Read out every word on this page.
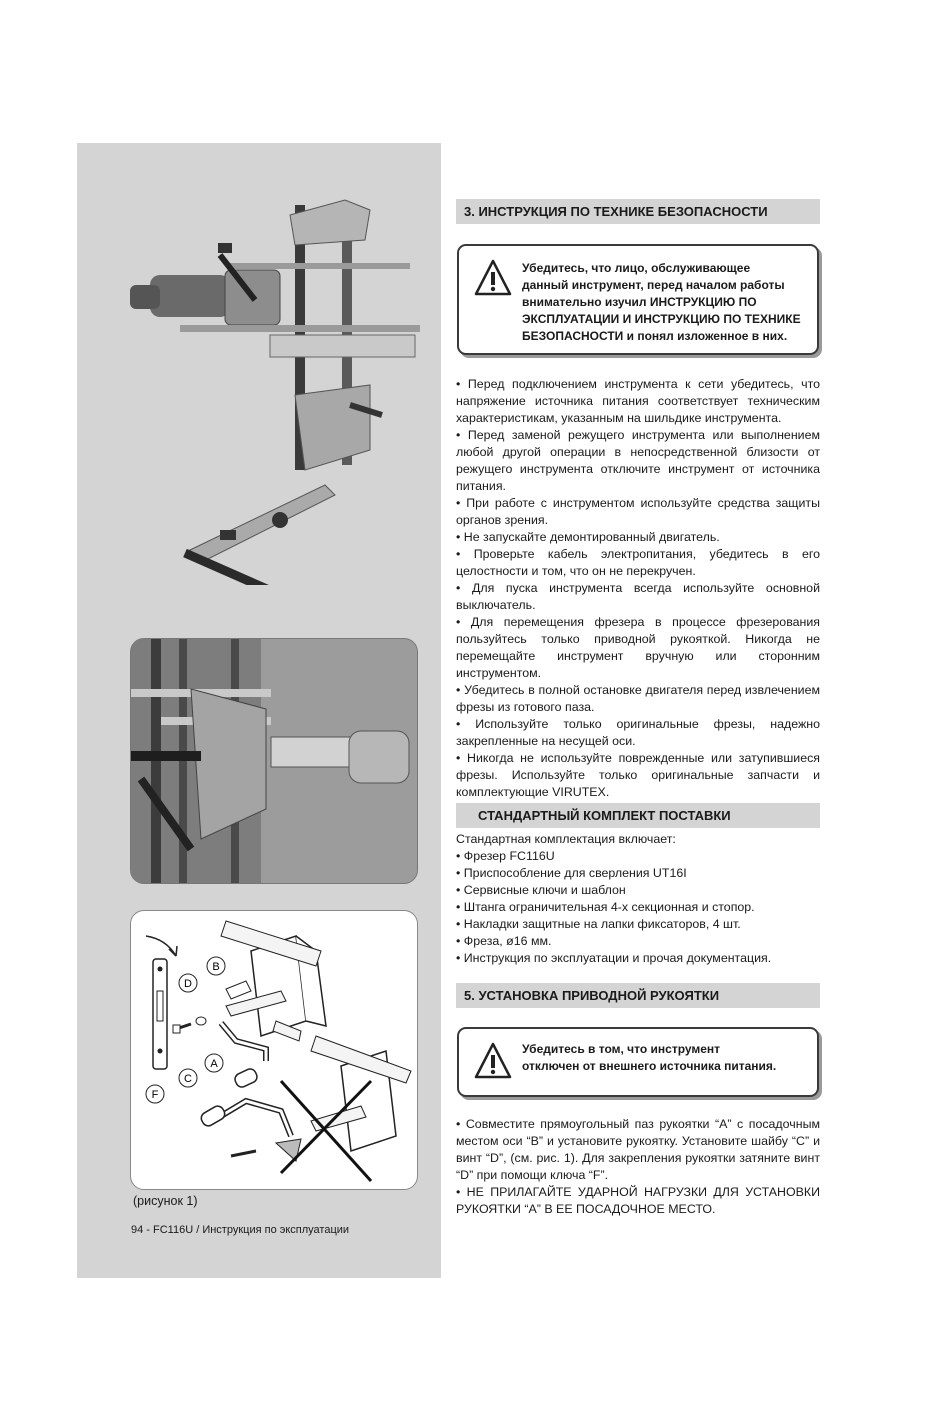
B
D
A
C
F
(рисунок 1)
94 - FC116U / Инструкция по эксплуатации
3. ИНСТРУКЦИЯ ПО ТЕХНИКЕ БЕЗОПАСНОСТИ
Убедитесь, что лицо, обслуживающее
данный инструмент, перед началом работы
внимательно изучил ИНСТРУКЦИЮ ПО
ЭКСПЛУАТАЦИИ И ИНСТРУКЦИЮ ПО ТЕХНИКЕ
БЕЗОПАСНОСТИ и понял изложенное в них.

• Перед подключением инструмента к сети убедитесь, что напряжение источника питания соответствует техническим характеристикам, указанным на шильдике инструмента.

• Перед заменой режущего инструмента или выполнением любой другой операции в непосредственной близости от режущего инструмента отключите инструмент от источника питания.

• При работе с инструментом используйте средства защиты органов зрения.

• Не запускайте демонтированный двигатель.

• Проверьте кабель электропитания, убедитесь в его целостности и том, что он не перекручен.

• Для пуска инструмента всегда используйте основной выключатель.

• Для перемещения фрезера в процессе фрезерования пользуйтесь только приводной рукояткой. Никогда не перемещайте инструмент вручную или сторонним инструментом.

• Убедитесь в полной остановке двигателя перед извлечением фрезы из готового паза.

• Используйте только оригинальные фрезы, надежно закрепленные на несущей оси.

• Никогда не используйте поврежденные или затупившиеся фрезы. Используйте только оригинальные запчасти и комплектующие VIRUTEX.

СТАНДАРТНЫЙ КОМПЛЕКТ ПОСТАВКИ

Стандартная комплектация включает:

• Фрезер FC116U

• Приспособление для сверления UT16I

• Сервисные ключи и шаблон

• Штанга ограничительная 4-х секционная и стопор.

• Накладки защитные на лапки фиксаторов, 4 шт.

• Фреза, ø16 мм.

• Инструкция по эксплуатации и прочая документация.

5. УСТАНОВКА ПРИВОДНОЙ РУКОЯТКИ
Убедитесь в том, что инструмент
отключен от внешнего источника питания.

• Совместите прямоугольный паз рукоятки “A” с посадочным местом оси “B” и установите рукоятку. Установите шайбу “C” и винт “D”, (см. рис. 1). Для закрепления рукоятки затяните винт “D” при помощи ключа “F”.

• НЕ ПРИЛАГАЙТЕ УДАРНОЙ НАГРУЗКИ ДЛЯ УСТАНОВКИ РУКОЯТКИ “A” В ЕЕ ПОСАДОЧНОЕ МЕСТО.
